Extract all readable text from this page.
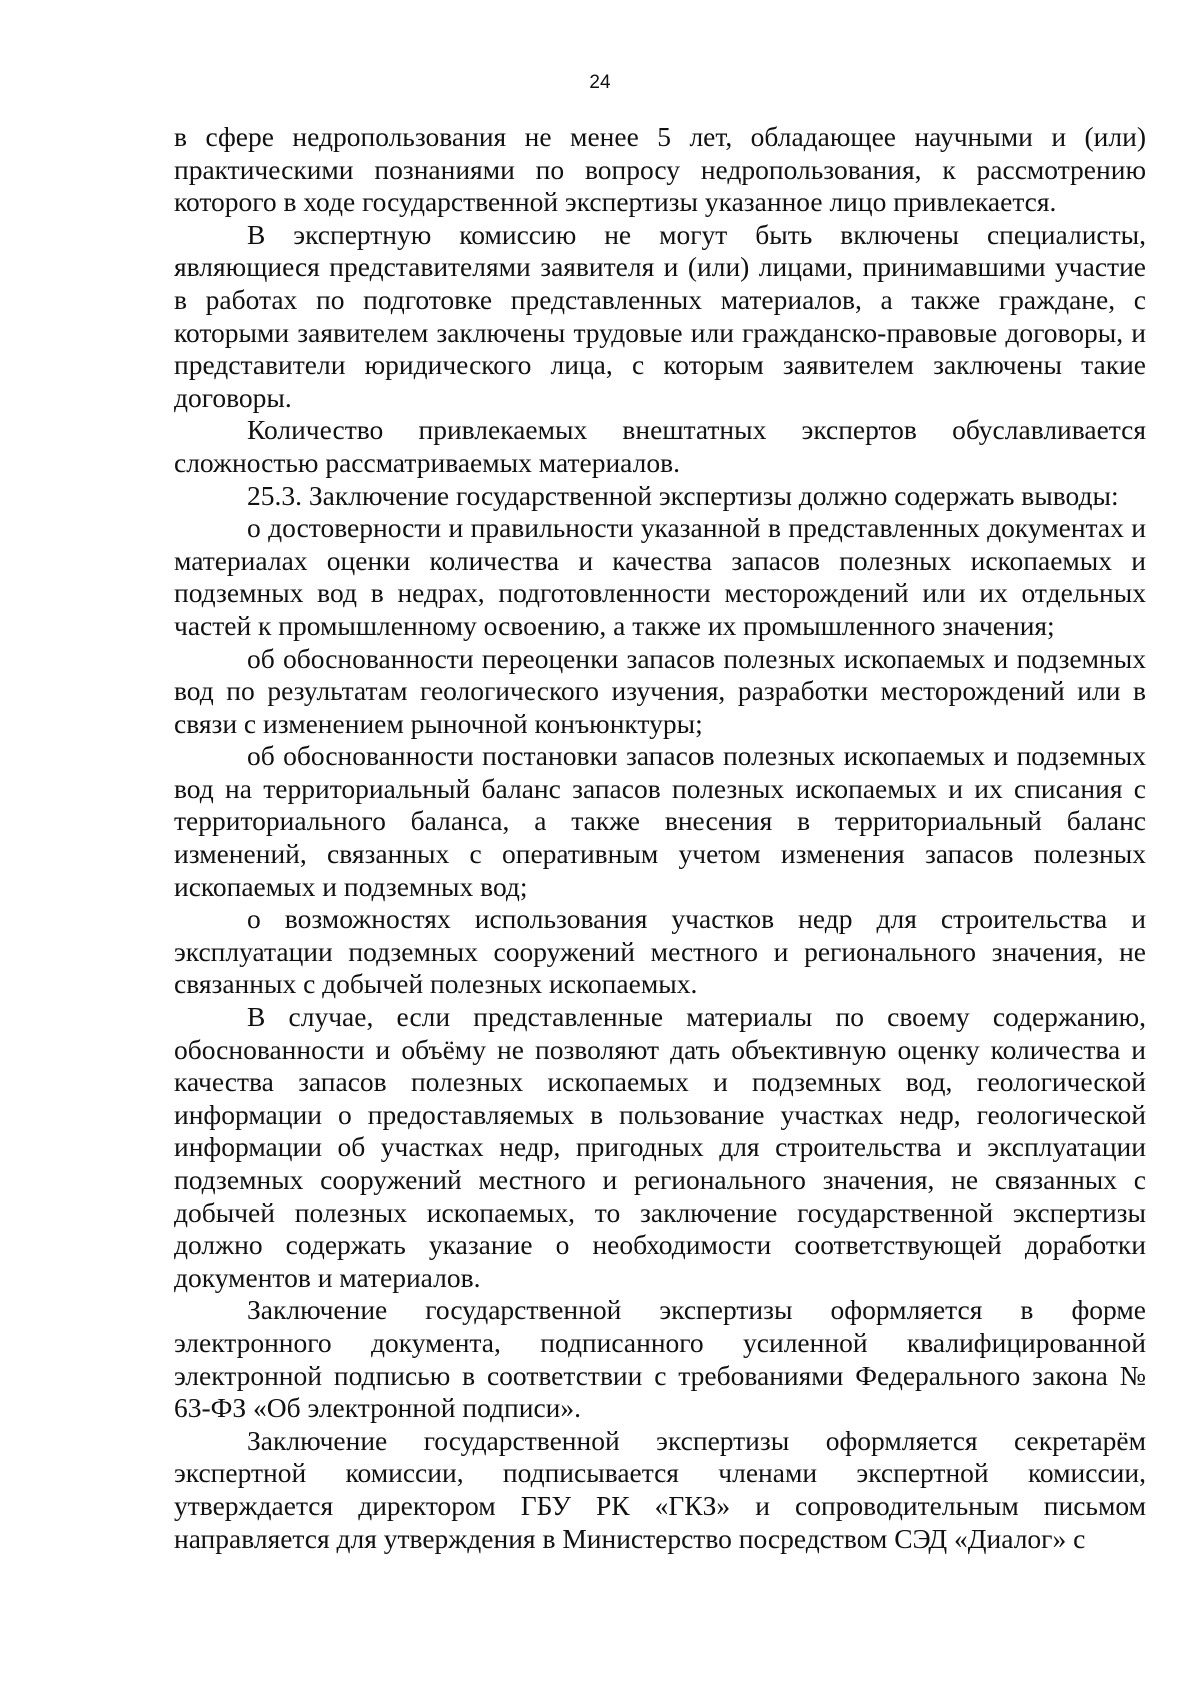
24

в сфере недропользования не менее 5 лет, обладающее научными и (или) практическими познаниями по вопросу недропользования, к рассмотрению которого в ходе государственной экспертизы указанное лицо привлекается.

В экспертную комиссию не могут быть включены специалисты, являющиеся представителями заявителя и (или) лицами, принимавшими участие в работах по подготовке представленных материалов, а также граждане, с которыми заявителем заключены трудовые или гражданско-правовые договоры, и представители юридического лица, с которым заявителем заключены такие договоры.

Количество привлекаемых внештатных экспертов обуславливается сложностью рассматриваемых материалов.

25.3. Заключение государственной экспертизы должно содержать выводы:

о достоверности и правильности указанной в представленных документах и материалах оценки количества и качества запасов полезных ископаемых и подземных вод в недрах, подготовленности месторождений или их отдельных частей к промышленному освоению, а также их промышленного значения;

об обоснованности переоценки запасов полезных ископаемых и подземных вод по результатам геологического изучения, разработки месторождений или в связи с изменением рыночной конъюнктуры;

об обоснованности постановки запасов полезных ископаемых и подземных вод на территориальный баланс запасов полезных ископаемых и их списания с территориального баланса, а также внесения в территориальный баланс изменений, связанных с оперативным учетом изменения запасов полезных ископаемых и подземных вод;

о возможностях использования участков недр для строительства и эксплуатации подземных сооружений местного и регионального значения, не связанных с добычей полезных ископаемых.

В случае, если представленные материалы по своему содержанию, обоснованности и объёму не позволяют дать объективную оценку количества и качества запасов полезных ископаемых и подземных вод, геологической информации о предоставляемых в пользование участках недр, геологической информации об участках недр, пригодных для строительства и эксплуатации подземных сооружений местного и регионального значения, не связанных с добычей полезных ископаемых, то заключение государственной экспертизы должно содержать указание о необходимости соответствующей доработки документов и материалов.

Заключение государственной экспертизы оформляется в форме электронного документа, подписанного усиленной квалифицированной электронной подписью в соответствии с требованиями Федерального закона № 63-ФЗ «Об электронной подписи».

Заключение государственной экспертизы оформляется секретарём экспертной комиссии, подписывается членами экспертной комиссии, утверждается директором ГБУ РК «ГКЗ» и сопроводительным письмом направляется для утверждения в Министерство посредством СЭД «Диалог» с
